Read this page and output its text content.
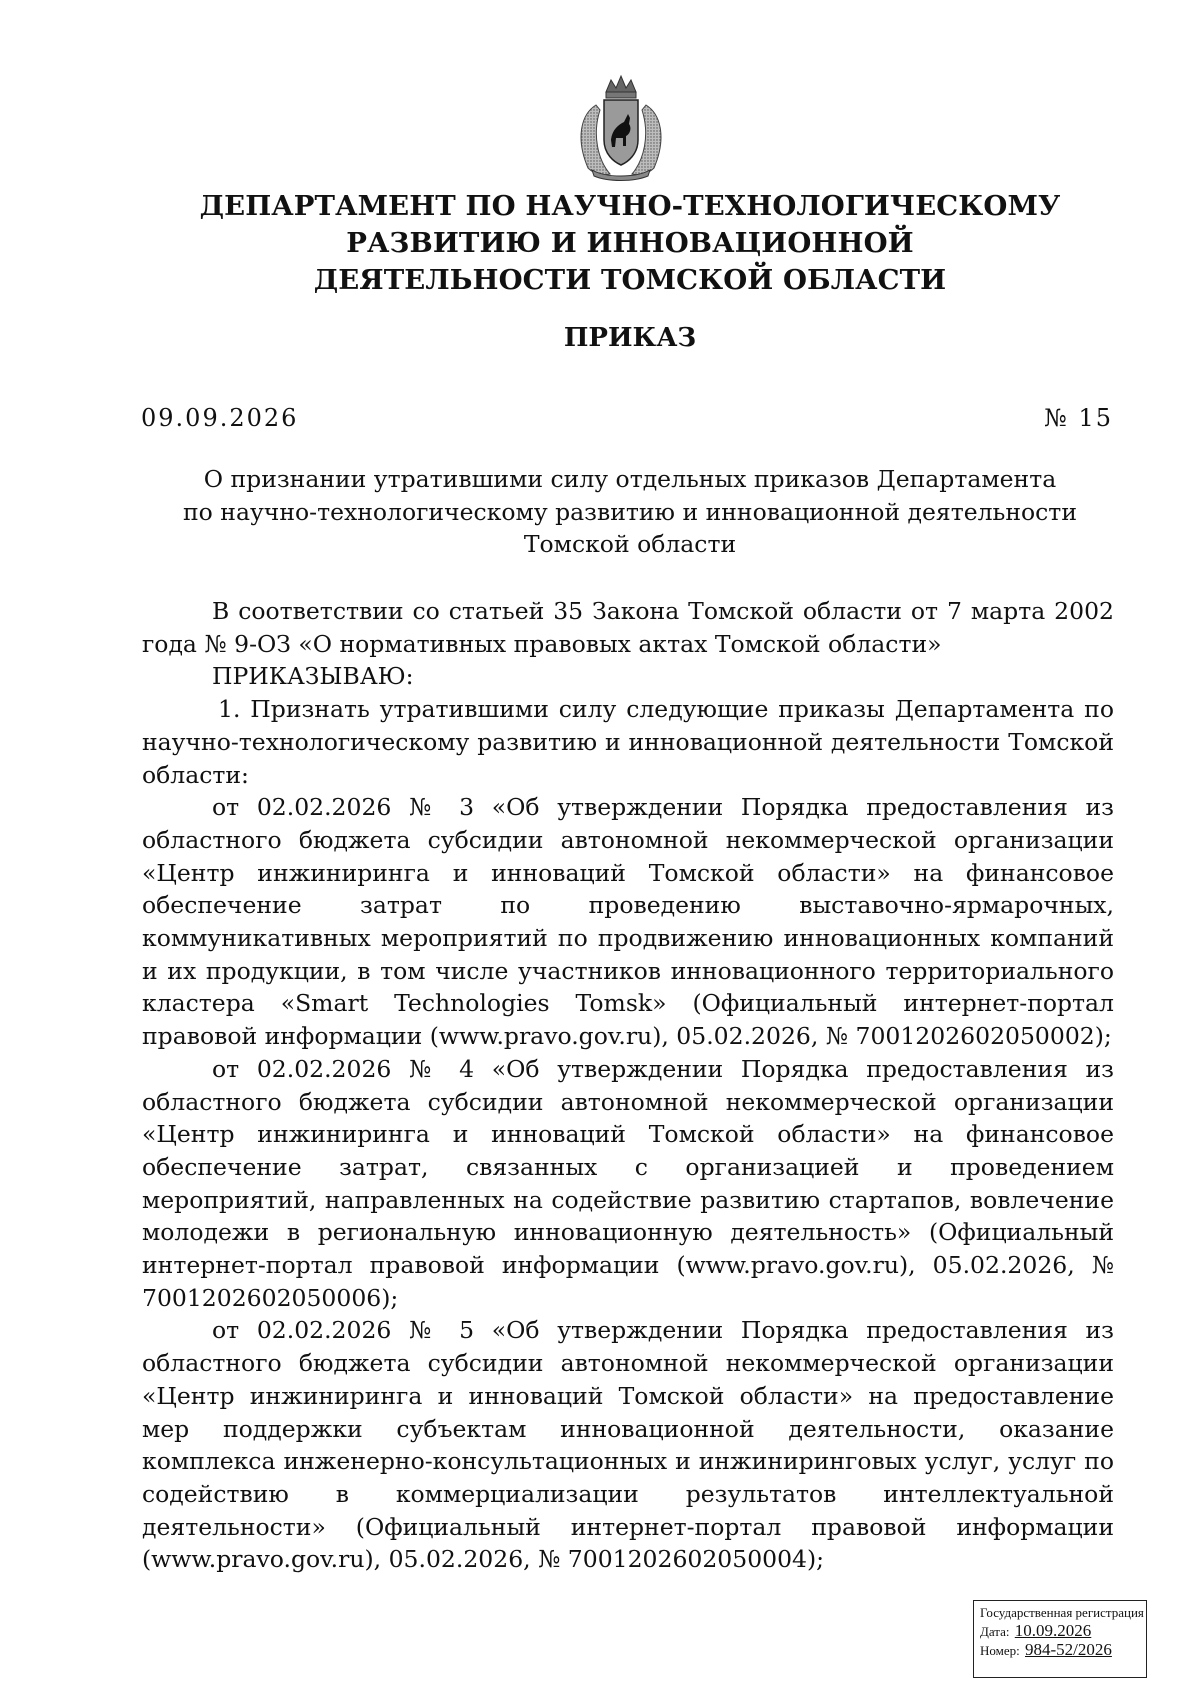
ДЕПАРТАМЕНТ ПО НАУЧНО-ТЕХНОЛОГИЧЕСКОМУ
РАЗВИТИЮ И ИННОВАЦИОННОЙ
ДЕЯТЕЛЬНОСТИ ТОМСКОЙ ОБЛАСТИ
ПРИКАЗ
09.09.2026	№ 15
О признании утратившими силу отдельных приказов Департамента
по научно-технологическому развитию и инновационной деятельности
Томской области

В соответствии со статьей 35 Закона Томской области от 7 марта 2002 года № 9-ОЗ «О нормативных правовых актах Томской области»

ПРИКАЗЫВАЮ:

1. Признать утратившими силу следующие приказы Департамента по научно-технологическому развитию и инновационной деятельности Томской области:

от 02.02.2026 № 3 «Об утверждении Порядка предоставления из областного бюджета субсидии автономной некоммерческой организации «Центр инжиниринга и инноваций Томской области» на финансовое обеспечение затрат по проведению выставочно-ярмарочных, коммуникативных мероприятий по продвижению инновационных компаний и их продукции, в том числе участников инновационного территориального кластера «Smart Technologies Tomsk» (Официальный интернет-портал правовой информации (www.pravo.gov.ru), 05.02.2026, № 7001202602050002);

от 02.02.2026 № 4 «Об утверждении Порядка предоставления из областного бюджета субсидии автономной некоммерческой организации «Центр инжиниринга и инноваций Томской области» на финансовое обеспечение затрат, связанных с организацией и проведением мероприятий, направленных на содействие развитию стартапов, вовлечение молодежи в региональную инновационную деятельность» (Официальный интернет-портал правовой информации (www.pravo.gov.ru), 05.02.2026, № 7001202602050006);

от 02.02.2026 № 5 «Об утверждении Порядка предоставления из областного бюджета субсидии автономной некоммерческой организации «Центр инжиниринга и инноваций Томской области» на предоставление мер поддержки субъектам инновационной деятельности, оказание комплекса инженерно-консультационных и инжиниринговых услуг, услуг по содействию в коммерциализации результатов интеллектуальной деятельности» (Официальный интернет-портал правовой информации (www.pravo.gov.ru), 05.02.2026, № 7001202602050004);

Государственная регистрация
Дата: 10.09.2026
Номер: 984-52/2026
